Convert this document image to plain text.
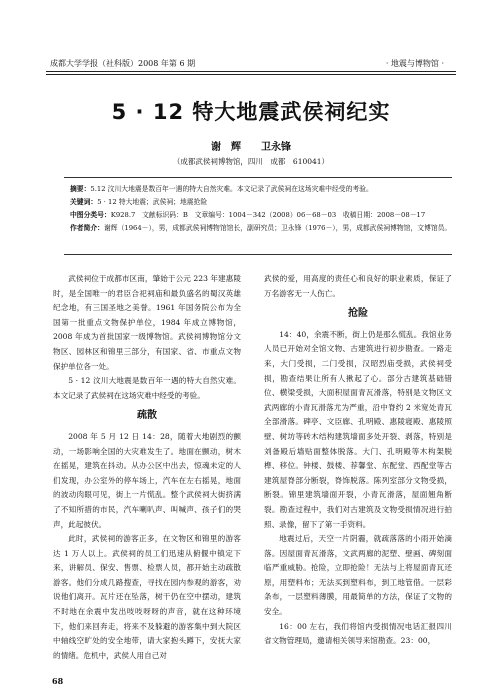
成都大学学报（社科版）2008 年第 6 期	· 地震与博物馆 ·
5 · 12 特大地震武侯祠纪实
谢　辉　　卫永锋
（成都武侯祠博物馆，四川　成都　610041）
摘要：5.12 汶川大地震是数百年一遇的特大自然灾难。本文记录了武侯祠在这场灾难中经受的考验。
关键词：5 · 12 特大地震；武侯祠；地震抢险
中图分类号：K928.7　文献标识码：B　文章编号：1004－342（2008）06－68－03　收稿日期：2008－08－17
作者简介：谢辉（1964－），男，成都武侯祠博物馆馆长，副研究员；卫永锋（1976－），男，成都武侯祠博物馆，文博馆员。

武侯祠位于成都市区南，肇始于公元 223 年建惠陵时，是全国唯一的君臣合祀祠庙和最负盛名的蜀汉英雄纪念地，有三国圣地之美誉。1961 年国务院公布为全国第一批重点文物保护单位，1984 年成立博物馆，2008 年成为首批国家一级博物馆。武侯祠博物馆分文物区、园林区和锦里三部分，有国家、省、市重点文物保护单位各一处。

5 · 12 汶川大地震是数百年一遇的特大自然灾难。本文记录了武侯祠在这场灾难中经受的考验。

疏散

2008 年 5 月 12 日 14：28，随着大地剧烈的颤动，一场影响全国的大灾难发生了。地面在颤动，树木在摇晃，建筑在抖动。从办公区中出去，惊魂未定的人们发现，办公室外的停车场上，汽车在左右摇晃，地面的波动肉眼可见，街上一片慌乱。整个武侯祠大街挤满了不知所措的市民，汽车喇叭声、叫喊声、孩子们的哭声，此起彼伏。

此时，武侯祠的游客正多，在文物区和锦里的游客达 1 万人以上。武侯祠的员工们迅速从俯偃中镇定下来，讲解员、保安、售票、检票人员，都开始主动疏散游客。他们分成几路搜查，寻找在园内参观的游客，劝说他们离开。瓦片还在坠落，树干仍在空中摆动，建筑不时地在余震中发出吱吱呀呀的声音，就在这种环境下，他们来回奔走，将来不及躲避的游客集中到大院区中轴线空旷处的安全地带，请大家抱头蹲下，安抚大家的情绪。危机中，武侯人用自己对

武侯的爱，用高度的责任心和良好的职业素质，保证了万名游客无一人伤亡。

抢险

14：40，余震不断，街上仍是那么慌乱。我馆业务人员已开始对全馆文物、古建筑进行初步勘查。一路走来，大门受损，二门受损，汉昭烈庙受损，武侯祠受损，勘查结果让所有人揪起了心。部分古建筑基础错位、横梁受损，大面积屋面青瓦滑落，特别是文物区文武两廊的小青瓦滑落尤为严重，沿中脊约 2 米宽处青瓦全部滑落。碑亭、文臣廊、孔明殿、惠陵寝殿、惠陵照壁、树坊等砖木结构建筑墙面多处开裂、剥落，特别是刘备殿后墙贴面整体脱落。大门、孔明殿等木构架脱榫、移位。钟楼、鼓楼、荐馨堂、东配堂、西配堂等古建筑屋脊部分断裂，脊饰脱落。陈列室部分文物受损，断裂。锦里建筑墙面开裂，小青瓦滑落，屋面翘角断裂。勘查过程中，我们对古建筑及文物受损情况进行拍照、录像，留下了第一手资料。

地震过后，天空一片阴霾，就疏落落的小雨开始滴落。因屋面青瓦滑落，文武两廊的泥塑、壁画、碑刻面临严重威胁。抢险，立即抢险！无法与上将屋面青瓦还原，用塑料布；无法买到塑料布，到工地管借。一层彩条布，一层塑料薄膜，用最简单的方法，保证了文物的安全。

16：00 左右，我们将馆内受损情况电话汇报四川省文物管理局，邀请相关领导来馆勘查。23：00，

68
